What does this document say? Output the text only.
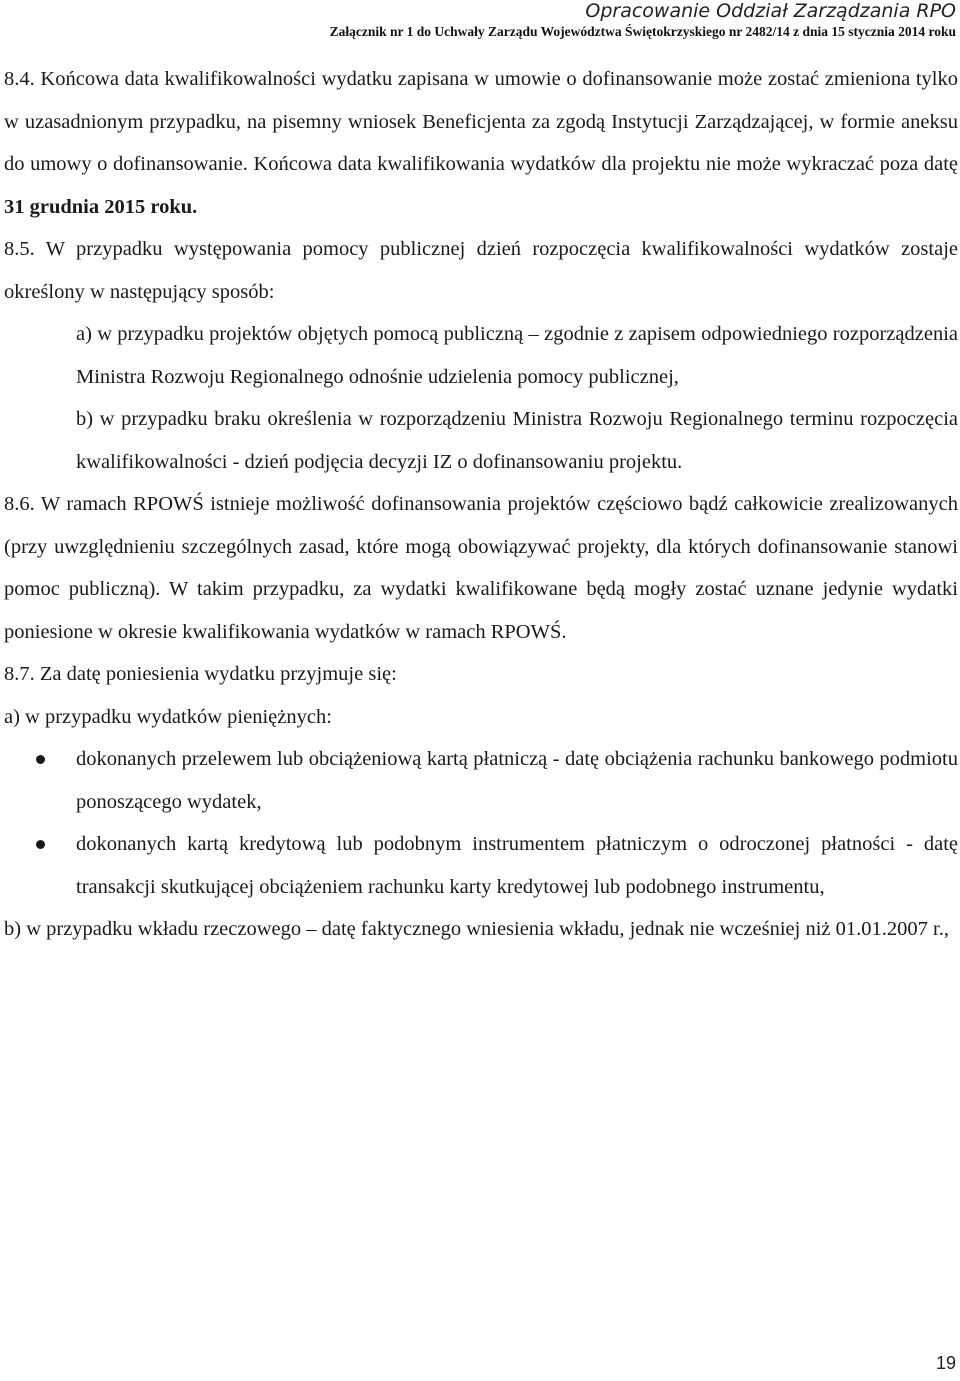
Opracowanie Oddział Zarządzania RPO
Załącznik nr 1 do Uchwały Zarządu Województwa Świętokrzyskiego nr 2482/14 z dnia 15 stycznia 2014 roku

8.4. Końcowa data kwalifikowalności wydatku zapisana w umowie o dofinansowanie może zostać zmieniona tylko w uzasadnionym przypadku, na pisemny wniosek Beneficjenta za zgodą Instytucji Zarządzającej, w formie aneksu do umowy o dofinansowanie. Końcowa data kwalifikowania wydatków dla projektu nie może wykraczać poza datę 31 grudnia 2015 roku.

8.5. W przypadku występowania pomocy publicznej dzień rozpoczęcia kwalifikowalności wydatków zostaje określony w następujący sposób:

a) w przypadku projektów objętych pomocą publiczną – zgodnie z zapisem odpowiedniego rozporządzenia Ministra Rozwoju Regionalnego odnośnie udzielenia pomocy publicznej,

b) w przypadku braku określenia w rozporządzeniu Ministra Rozwoju Regionalnego terminu rozpoczęcia kwalifikowalności - dzień podjęcia decyzji IZ o dofinansowaniu projektu.

8.6. W ramach RPOWŚ istnieje możliwość dofinansowania projektów częściowo bądź całkowicie zrealizowanych (przy uwzględnieniu szczególnych zasad, które mogą obowiązywać projekty, dla których dofinansowanie stanowi pomoc publiczną). W takim przypadku, za wydatki kwalifikowane będą mogły zostać uznane jedynie wydatki poniesione w okresie kwalifikowania wydatków w ramach RPOWŚ.

8.7. Za datę poniesienia wydatku przyjmuje się:

a) w przypadku wydatków pieniężnych:

dokonanych przelewem lub obciążeniową kartą płatniczą - datę obciążenia rachunku bankowego podmiotu ponoszącego wydatek,
dokonanych kartą kredytową lub podobnym instrumentem płatniczym o odroczonej płatności - datę transakcji skutkującej obciążeniem rachunku karty kredytowej lub podobnego instrumentu,

b) w przypadku wkładu rzeczowego – datę faktycznego wniesienia wkładu, jednak nie wcześniej niż 01.01.2007 r.,

19
